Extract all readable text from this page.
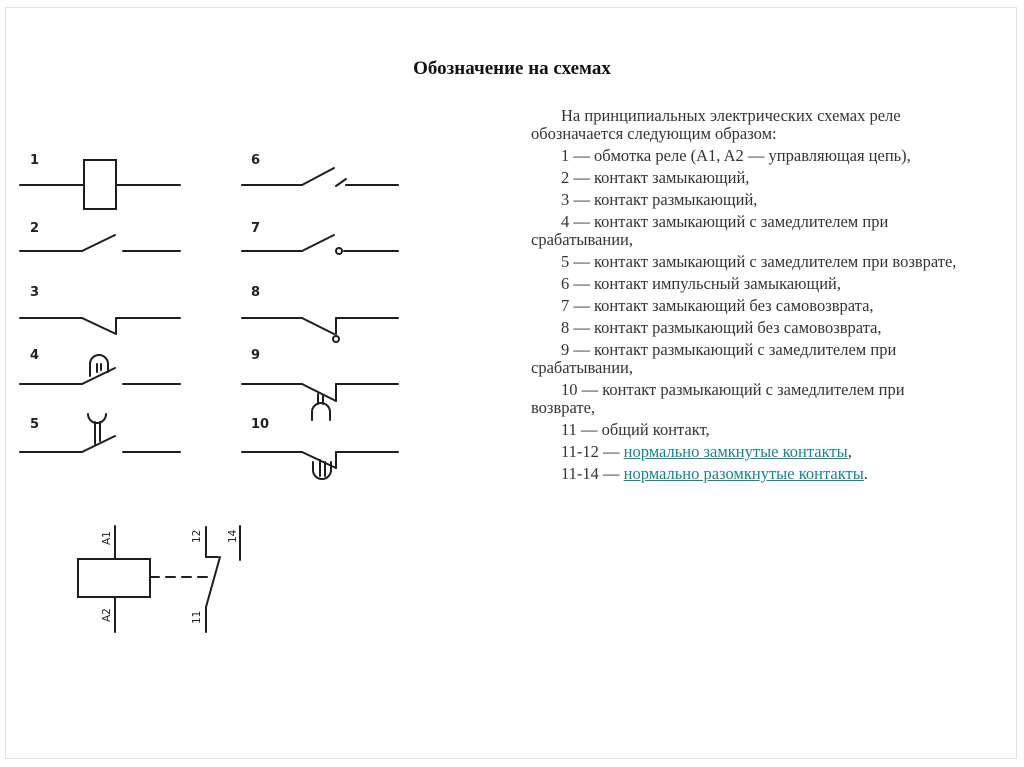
Обозначение на схемах
1
2
3
4
5
6
7
8
9
10
A1
A2
12 14
11

На принципиальных электрических схемах реле обозначается следующим образом:

1 — обмотка реле (A1, A2 — управляющая цепь),

2 — контакт замыкающий,

3 — контакт размыкающий,

4 — контакт замыкающий с замедлителем при срабатывании,

5 — контакт замыкающий с замедлителем при возврате,

6 — контакт импульсный замыкающий,

7 — контакт замыкающий без самовозврата,

8 — контакт размыкающий без самовозврата,

9 — контакт размыкающий с замедлителем при срабатывании,

10 — контакт размыкающий с замедлителем при возврате,

11 — общий контакт,

11-12 — нормально замкнутые контакты,

11-14 — нормально разомкнутые контакты.
